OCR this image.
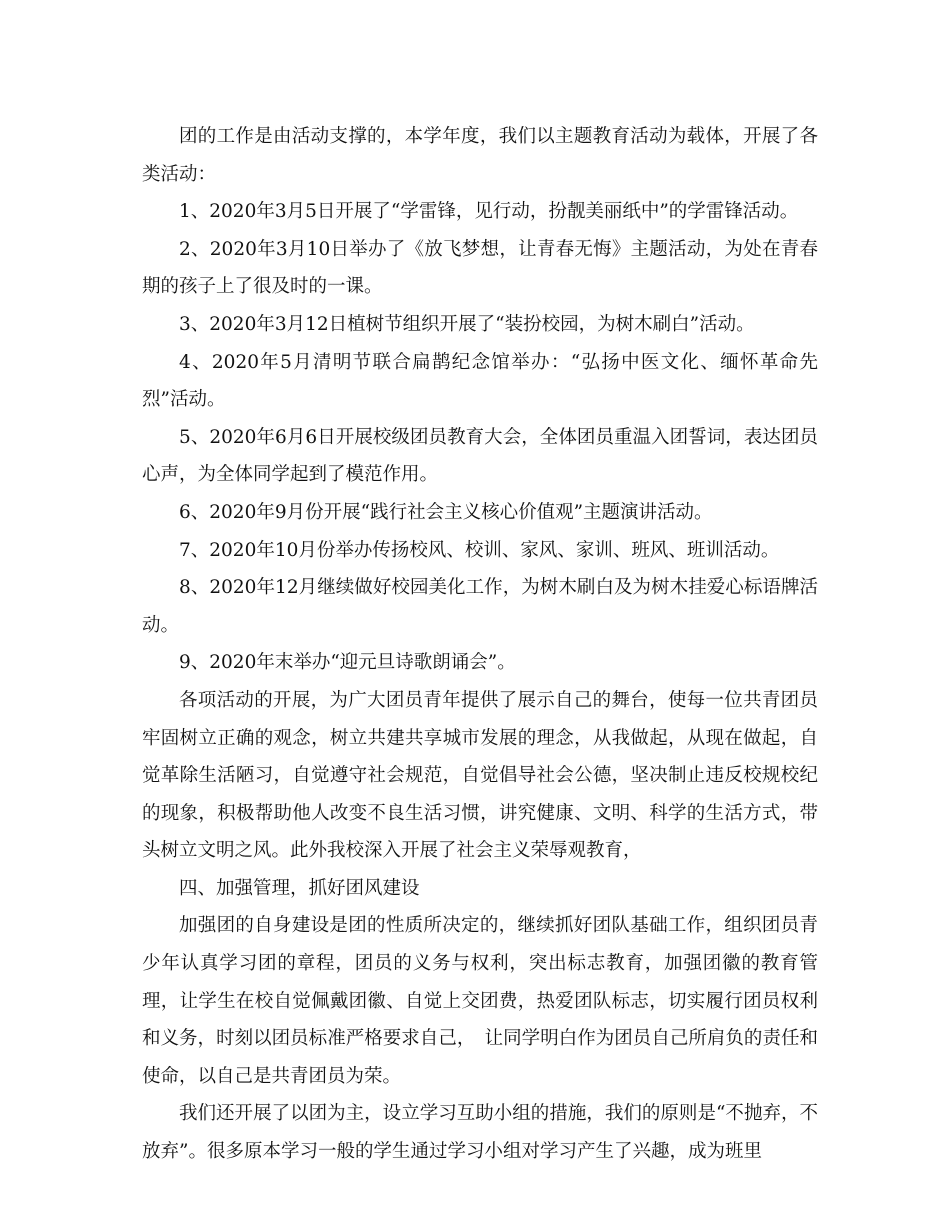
团的工作是由活动支撑的，本学年度，我们以主题教育活动为载体，开展了各类活动：

1、2020年3月5日开展了“学雷锋，见行动，扮靓美丽纸中”的学雷锋活动。

2、2020年3月10日举办了《放飞梦想，让青春无悔》主题活动，为处在青春期的孩子上了很及时的一课。

3、2020年3月12日植树节组织开展了“装扮校园，为树木刷白”活动。

4、2020年5月清明节联合扁鹊纪念馆举办：“弘扬中医文化、缅怀革命先烈”活动。

5、2020年6月6日开展校级团员教育大会，全体团员重温入团誓词，表达团员心声，为全体同学起到了模范作用。

6、2020年9月份开展“践行社会主义核心价值观”主题演讲活动。

7、2020年10月份举办传扬校风、校训、家风、家训、班风、班训活动。

8、2020年12月继续做好校园美化工作，为树木刷白及为树木挂爱心标语牌活动。

9、2020年末举办“迎元旦诗歌朗诵会”。

各项活动的开展，为广大团员青年提供了展示自己的舞台，使每一位共青团员牢固树立正确的观念，树立共建共享城市发展的理念，从我做起，从现在做起，自觉革除生活陋习，自觉遵守社会规范，自觉倡导社会公德，坚决制止违反校规校纪的现象，积极帮助他人改变不良生活习惯，讲究健康、文明、科学的生活方式，带头树立文明之风。此外我校深入开展了社会主义荣辱观教育，

四、加强管理，抓好团风建设

加强团的自身建设是团的性质所决定的，继续抓好团队基础工作，组织团员青少年认真学习团的章程，团员的义务与权利，突出标志教育，加强团徽的教育管理，让学生在校自觉佩戴团徽、自觉上交团费，热爱团队标志，切实履行团员权利和义务，时刻以团员标准严格要求自己，　让同学明白作为团员自己所肩负的责任和使命，以自己是共青团员为荣。

我们还开展了以团为主，设立学习互助小组的措施，我们的原则是“不抛弃，不放弃”。很多原本学习一般的学生通过学习小组对学习产生了兴趣，成为班里
